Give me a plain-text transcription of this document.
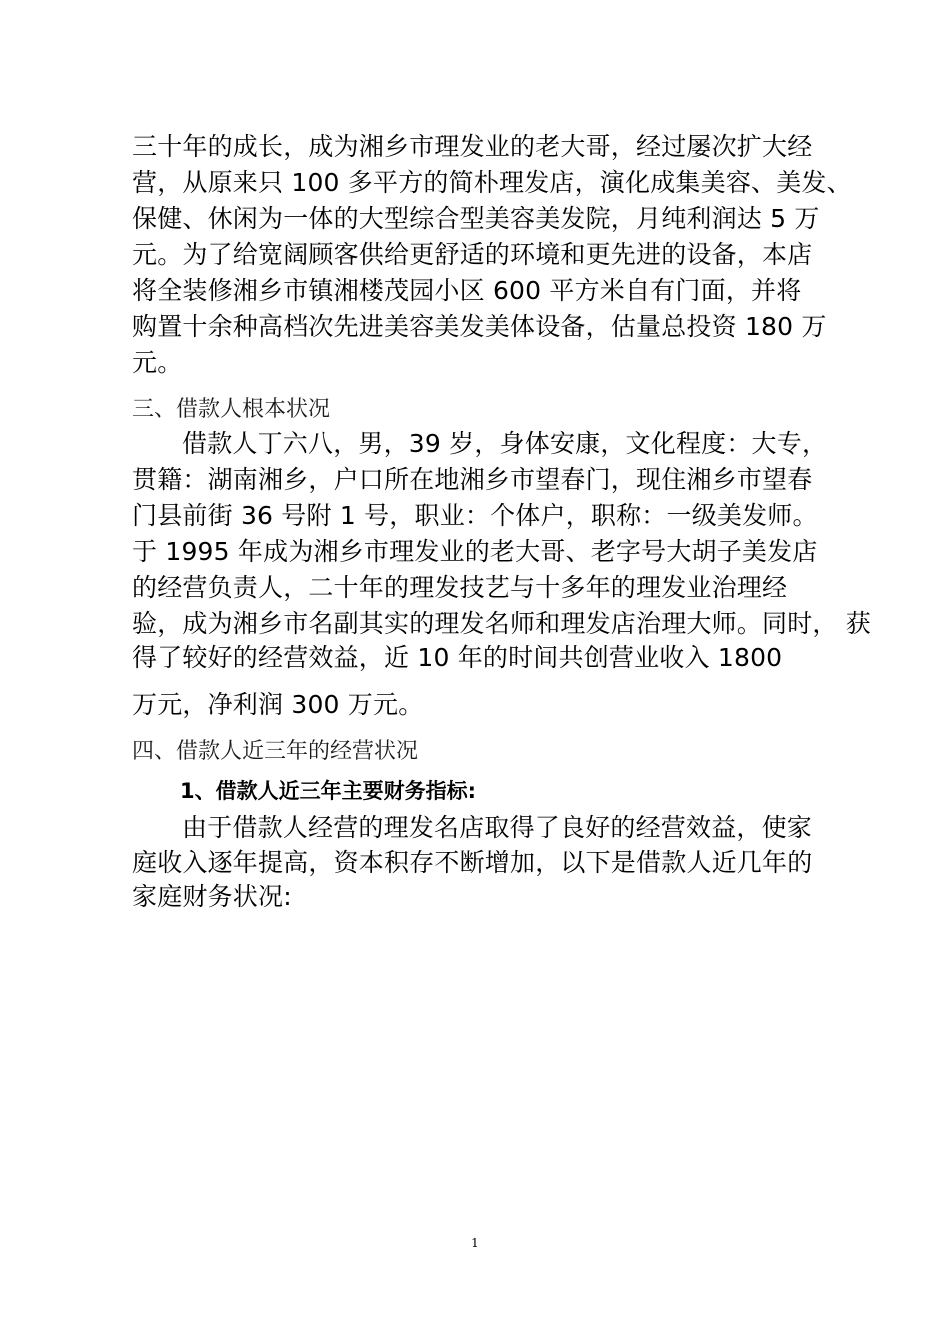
三十年的成长，成为湘乡市理发业的老大哥，经过屡次扩大经
营，从原来只 100 多平方的简朴理发店，演化成集美容、美发、
保健、休闲为一体的大型综合型美容美发院，月纯利润达 5 万
元。为了给宽阔顾客供给更舒适的环境和更先进的设备，本店
将全装修湘乡市镇湘楼茂园小区 600 平方米自有门面，并将
购置十余种高档次先进美容美发美体设备，估量总投资 180 万
元。
三、借款人根本状况
借款人丁六八，男，39 岁，身体安康，文化程度：大专，
贯籍：湖南湘乡，户口所在地湘乡市望春门，现住湘乡市望春
门县前街 36 号附 1 号，职业：个体户，职称：一级美发师。
于 1995 年成为湘乡市理发业的老大哥、老字号大胡子美发店
的经营负责人，二十年的理发技艺与十多年的理发业治理经
验，成为湘乡市名副其实的理发名师和理发店治理大师。同时， 获
得了较好的经营效益，近 10 年的时间共创营业收入 1800
万元，净利润 300 万元。
四、借款人近三年的经营状况
1、借款人近三年主要财务指标:
由于借款人经营的理发名店取得了良好的经营效益，使家
庭收入逐年提高，资本积存不断增加，以下是借款人近几年的
家庭财务状况:
1
